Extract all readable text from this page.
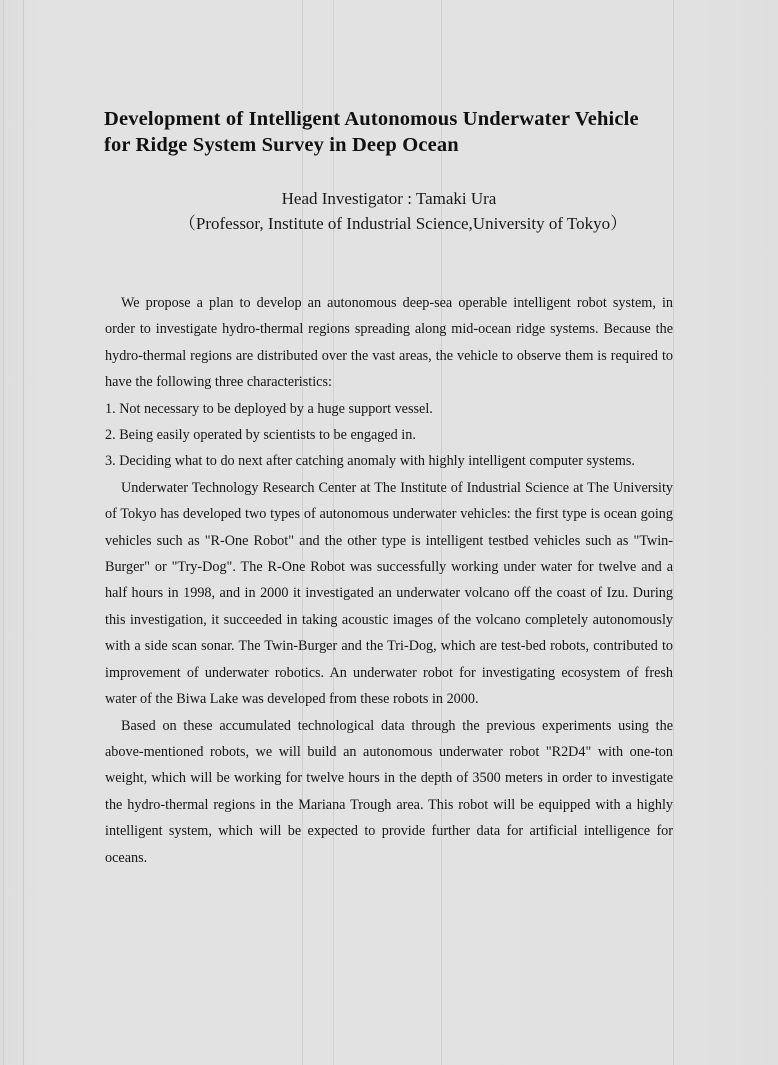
Development of Intelligent Autonomous Underwater Vehicle
for Ridge System Survey in Deep Ocean
Head Investigator : Tamaki Ura
（Professor, Institute of Industrial Science,University of Tokyo）

We propose a plan to develop an autonomous deep-sea operable intelligent robot system, in order to investigate hydro-thermal regions spreading along mid-ocean ridge systems. Because the hydro-thermal regions are distributed over the vast areas, the vehicle to observe them is required to have the following three characteristics:

1. Not necessary to be deployed by a huge support vessel.

2. Being easily operated by scientists to be engaged in.

3. Deciding what to do next after catching anomaly with highly intelligent computer systems.

Underwater Technology Research Center at The Institute of Industrial Science at The University of Tokyo has developed two types of autonomous underwater vehicles: the first type is ocean going vehicles such as "R-One Robot" and the other type is intelligent testbed vehicles such as "Twin-Burger" or "Try-Dog". The R-One Robot was successfully working under water for twelve and a half hours in 1998, and in 2000 it investigated an underwater volcano off the coast of Izu. During this investigation, it succeeded in taking acoustic images of the volcano completely autonomously with a side scan sonar. The Twin-Burger and the Tri-Dog, which are test-bed robots, contributed to improvement of underwater robotics. An underwater robot for investigating ecosystem of fresh water of the Biwa Lake was developed from these robots in 2000.

Based on these accumulated technological data through the previous experiments using the above-mentioned robots, we will build an autonomous underwater robot "R2D4" with one-ton weight, which will be working for twelve hours in the depth of 3500 meters in order to investigate the hydro-thermal regions in the Mariana Trough area. This robot will be equipped with a highly intelligent system, which will be expected to provide further data for artificial intelligence for oceans.
